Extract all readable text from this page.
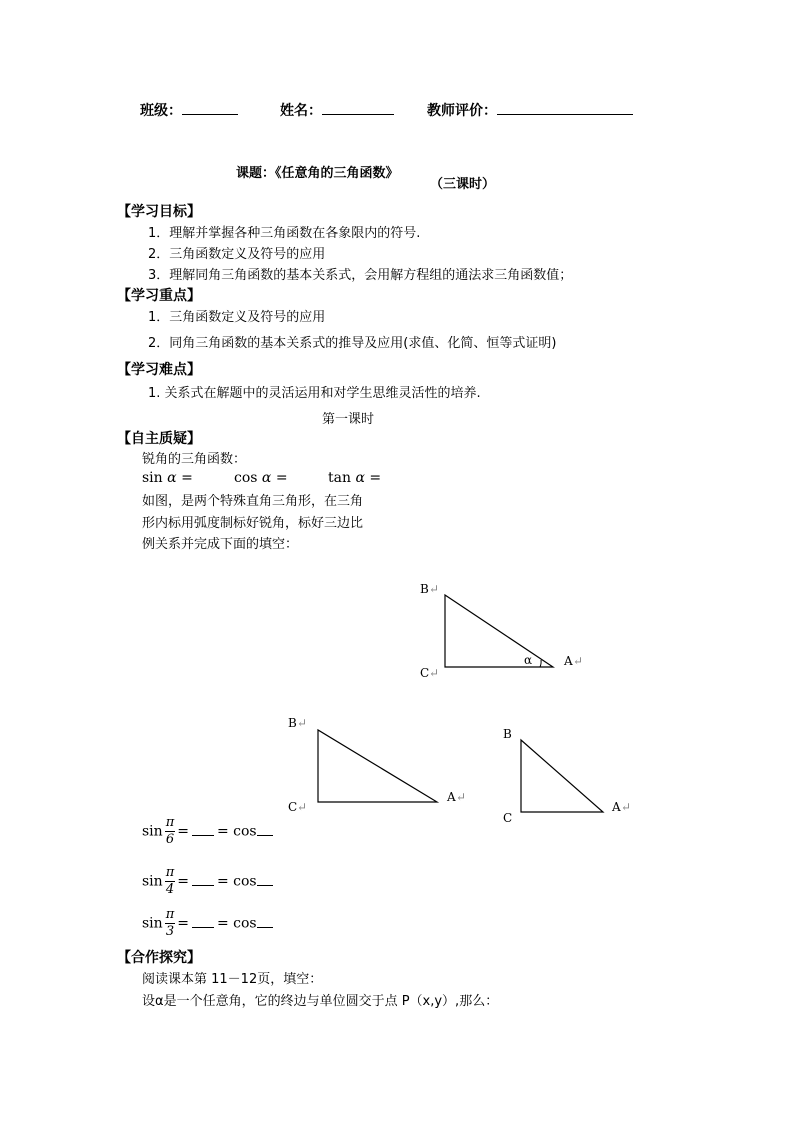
班级：	姓名：	教师评价：
课题：《任意角的三角函数》
（三课时）
【学习目标】
1．理解并掌握各种三角函数在各象限内的符号.
2．三角函数定义及符号的应用
3．理解同角三角函数的基本关系式，会用解方程组的通法求三角函数值；
【学习重点】
1．三角函数定义及符号的应用
2．同角三角函数的基本关系式的推导及应用(求值、化简、恒等式证明)
【学习难点】
1. 关系式在解题中的灵活运用和对学生思维灵活性的培养.
第一课时
【自主质疑】
锐角的三角函数：
sin α =	cos α =	tan α =
如图，是两个特殊直角三角形，在三角
形内标用弧度制标好锐角，标好三边比
例关系并完成下面的填空：
B ↵
C ↵
α	A ↵
B ↵
C ↵
A ↵
B
C
A ↵
$\sin \frac{\pi}{6}$ = = cos
$\sin \frac{\pi}{4}$ = = cos
$\sin \frac{\pi}{3}$ = = cos
【合作探究】
阅读课本第 11－12页，填空：
设α是一个任意角，它的终边与单位圆交于点 P（x,y）,那么：
